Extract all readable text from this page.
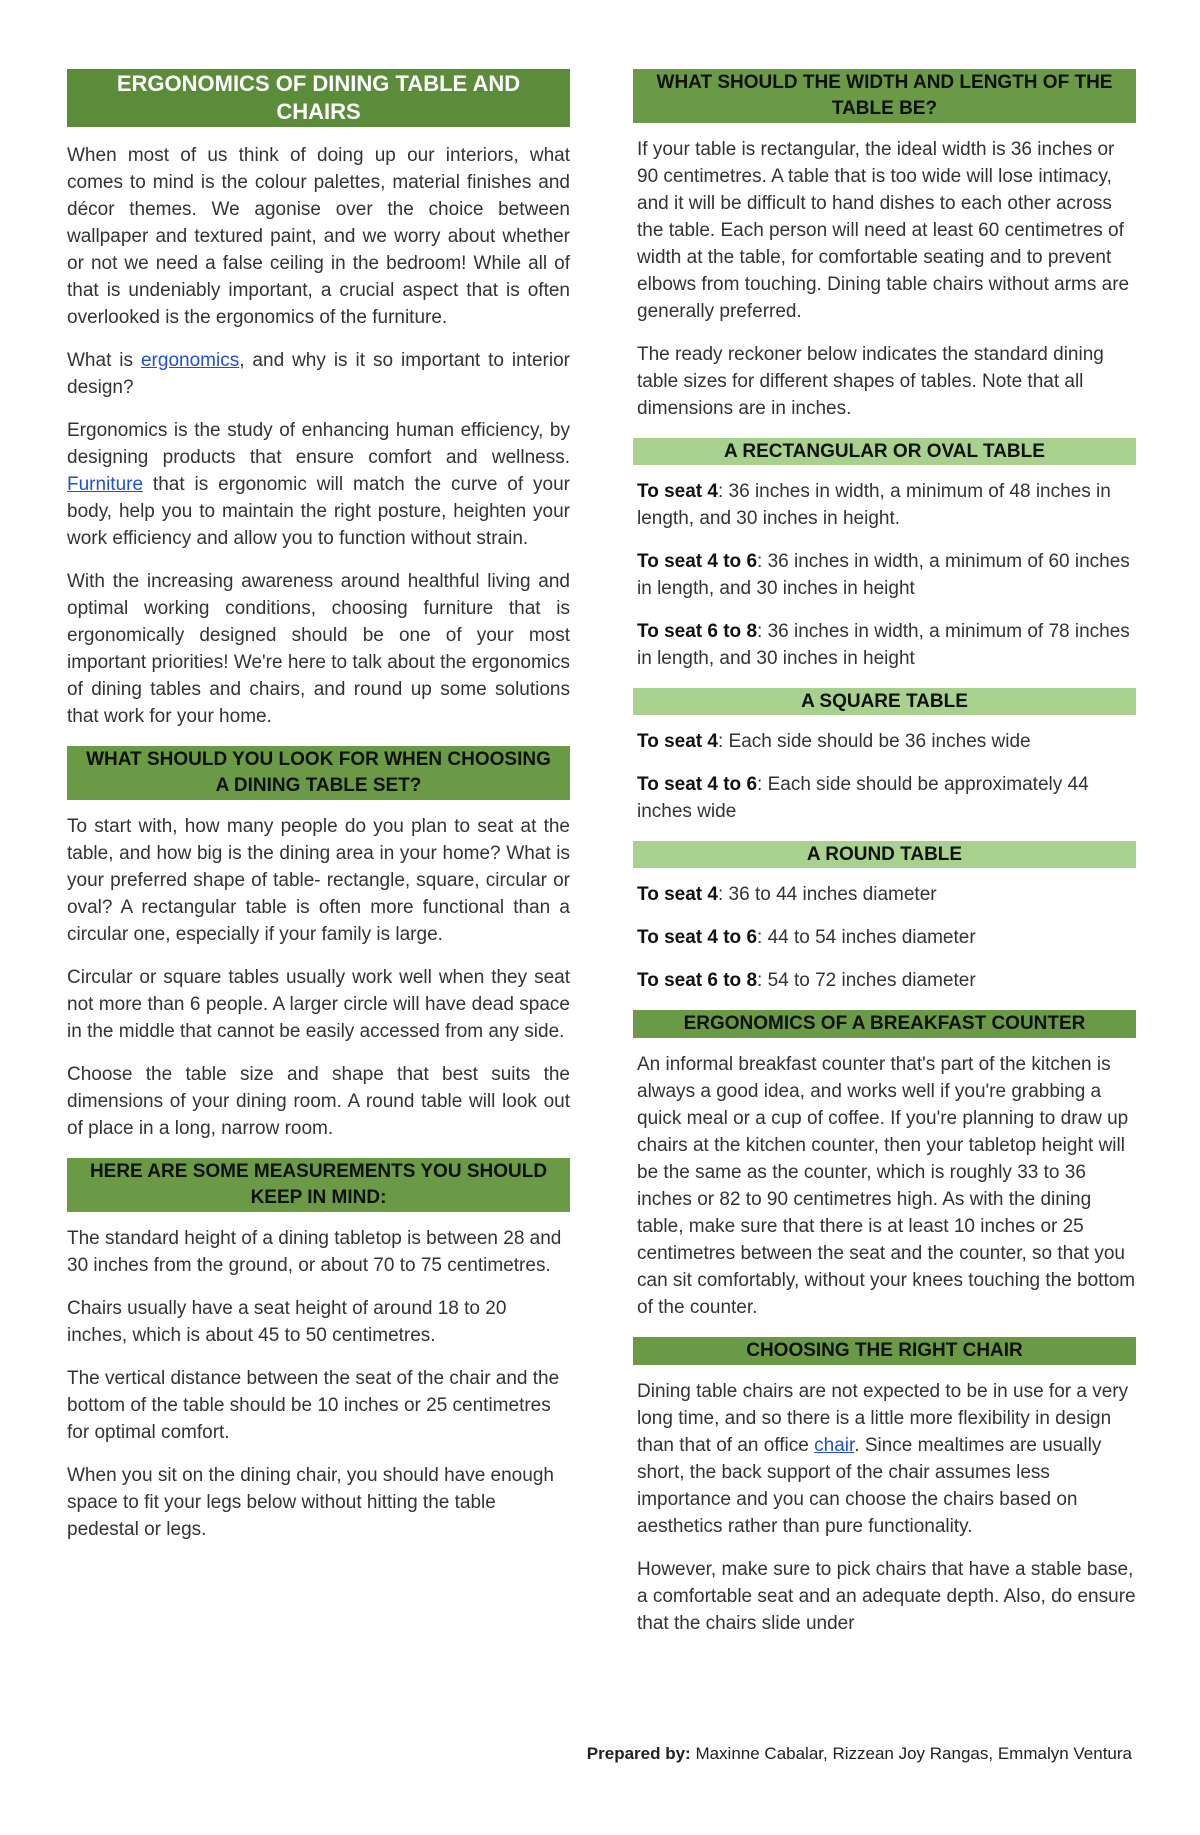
ERGONOMICS OF DINING TABLE AND CHAIRS

When most of us think of doing up our interiors, what comes to mind is the colour palettes, material finishes and décor themes. We agonise over the choice between wallpaper and textured paint, and we worry about whether or not we need a false ceiling in the bedroom! While all of that is undeniably important, a crucial aspect that is often overlooked is the ergonomics of the furniture.

What is ergonomics, and why is it so important to interior design?

Ergonomics is the study of enhancing human efficiency, by designing products that ensure comfort and wellness. Furniture that is ergonomic will match the curve of your body, help you to maintain the right posture, heighten your work efficiency and allow you to function without strain.

With the increasing awareness around healthful living and optimal working conditions, choosing furniture that is ergonomically designed should be one of your most important priorities! We're here to talk about the ergonomics of dining tables and chairs, and round up some solutions that work for your home.

WHAT SHOULD YOU LOOK FOR WHEN CHOOSING A DINING TABLE SET?

To start with, how many people do you plan to seat at the table, and how big is the dining area in your home? What is your preferred shape of table- rectangle, square, circular or oval? A rectangular table is often more functional than a circular one, especially if your family is large.

Circular or square tables usually work well when they seat not more than 6 people. A larger circle will have dead space in the middle that cannot be easily accessed from any side.

Choose the table size and shape that best suits the dimensions of your dining room. A round table will look out of place in a long, narrow room.

HERE ARE SOME MEASUREMENTS YOU SHOULD KEEP IN MIND:

The standard height of a dining tabletop is between 28 and 30 inches from the ground, or about 70 to 75 centimetres.

Chairs usually have a seat height of around 18 to 20 inches, which is about 45 to 50 centimetres.

The vertical distance between the seat of the chair and the bottom of the table should be 10 inches or 25 centimetres for optimal comfort.

When you sit on the dining chair, you should have enough space to fit your legs below without hitting the table pedestal or legs.

WHAT SHOULD THE WIDTH AND LENGTH OF THE TABLE BE?

If your table is rectangular, the ideal width is 36 inches or 90 centimetres. A table that is too wide will lose intimacy, and it will be difficult to hand dishes to each other across the table. Each person will need at least 60 centimetres of width at the table, for comfortable seating and to prevent elbows from touching. Dining table chairs without arms are generally preferred.

The ready reckoner below indicates the standard dining table sizes for different shapes of tables. Note that all dimensions are in inches.

A RECTANGULAR OR OVAL TABLE

To seat 4: 36 inches in width, a minimum of 48 inches in length, and 30 inches in height.

To seat 4 to 6: 36 inches in width, a minimum of 60 inches in length, and 30 inches in height

To seat 6 to 8: 36 inches in width, a minimum of 78 inches in length, and 30 inches in height

A SQUARE TABLE

To seat 4: Each side should be 36 inches wide

To seat 4 to 6: Each side should be approximately 44 inches wide

A ROUND TABLE

To seat 4: 36 to 44 inches diameter

To seat 4 to 6: 44 to 54 inches diameter

To seat 6 to 8: 54 to 72 inches diameter

ERGONOMICS OF A BREAKFAST COUNTER

An informal breakfast counter that's part of the kitchen is always a good idea, and works well if you're grabbing a quick meal or a cup of coffee. If you're planning to draw up chairs at the kitchen counter, then your tabletop height will be the same as the counter, which is roughly 33 to 36 inches or 82 to 90 centimetres high. As with the dining table, make sure that there is at least 10 inches or 25 centimetres between the seat and the counter, so that you can sit comfortably, without your knees touching the bottom of the counter.

CHOOSING THE RIGHT CHAIR

Dining table chairs are not expected to be in use for a very long time, and so there is a little more flexibility in design than that of an office chair. Since mealtimes are usually short, the back support of the chair assumes less importance and you can choose the chairs based on aesthetics rather than pure functionality.

However, make sure to pick chairs that have a stable base, a comfortable seat and an adequate depth. Also, do ensure that the chairs slide under

Prepared by: Maxinne Cabalar, Rizzean Joy Rangas, Emmalyn Ventura
